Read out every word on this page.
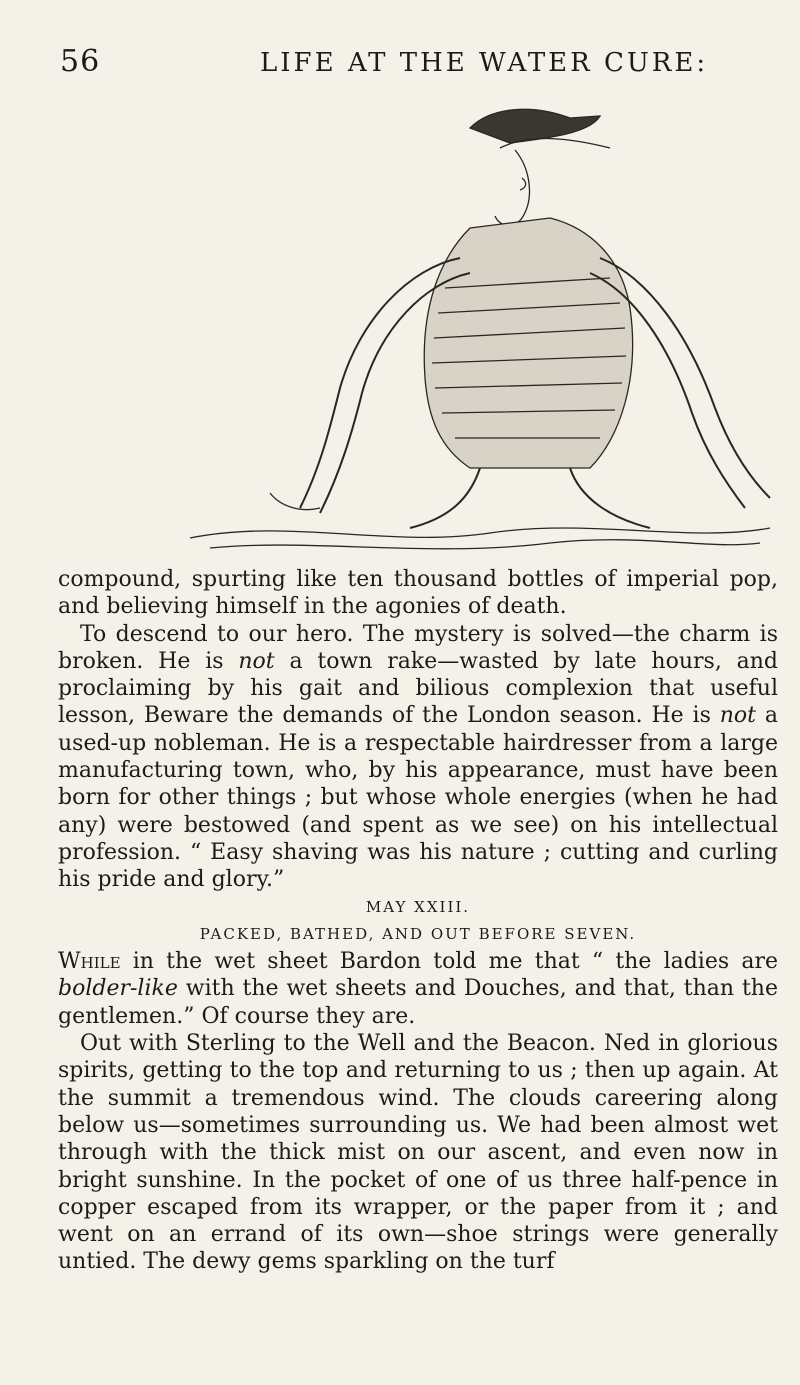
56	LIFE AT THE WATER CURE:

compound, spurting like ten thousand bottles of imperial pop, and believing himself in the agonies of death.

To descend to our hero. The mystery is solved—the charm is broken. He is not a town rake—wasted by late hours, and proclaiming by his gait and bilious complexion that useful lesson, Beware the demands of the London season. He is not a used-up nobleman. He is a respectable hairdresser from a large manufacturing town, who, by his appearance, must have been born for other things ; but whose whole energies (when he had any) were bestowed (and spent as we see) on his intellectual profession. “ Easy shaving was his nature ; cutting and curling his pride and glory.”

MAY XXIII.

PACKED, BATHED, AND OUT BEFORE SEVEN.

While in the wet sheet Bardon told me that “ the ladies are bolder-like with the wet sheets and Douches, and that, than the gentlemen.” Of course they are.

Out with Sterling to the Well and the Beacon. Ned in glorious spirits, getting to the top and returning to us ; then up again. At the summit a tremendous wind. The clouds careering along below us—sometimes surrounding us. We had been almost wet through with the thick mist on our ascent, and even now in bright sunshine. In the pocket of one of us three half-pence in copper escaped from its wrapper, or the paper from it ; and went on an errand of its own—shoe strings were generally untied. The dewy gems sparkling on the turf
